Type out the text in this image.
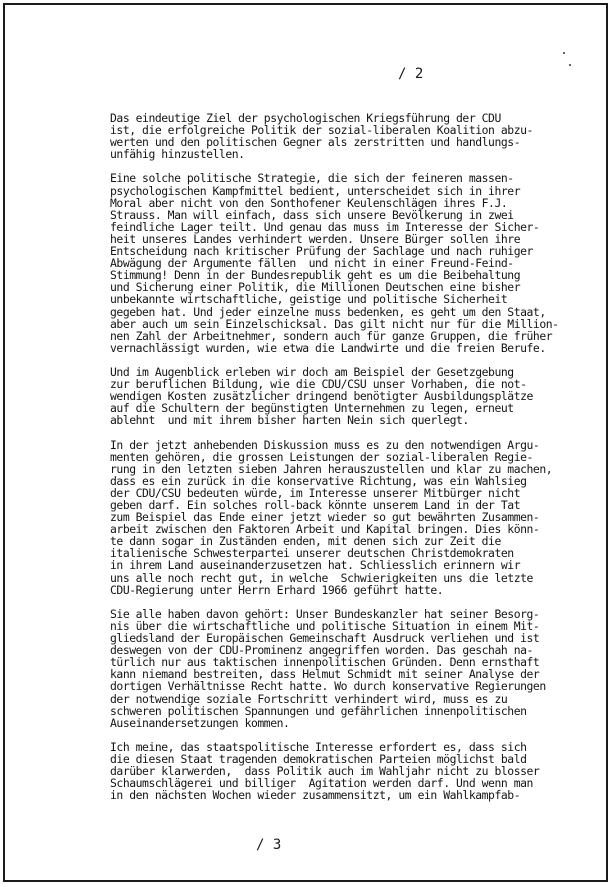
/ 2
Das eindeutige Ziel der psychologischen Kriegsführung der CDU
ist, die erfolgreiche Politik der sozial-liberalen Koalition abzu-
werten und den politischen Gegner als zerstritten und handlungs-
unfähig hinzustellen.
Eine solche politische Strategie, die sich der feineren massen-
psychologischen Kampfmittel bedient, unterscheidet sich in ihrer
Moral aber nicht von den Sonthofener Keulenschlägen ihres F.J.
Strauss. Man will einfach, dass sich unsere Bevölkerung in zwei
feindliche Lager teilt. Und genau das muss im Interesse der Sicher-
heit unseres Landes verhindert werden. Unsere Bürger sollen ihre
Entscheidung nach kritischer Prüfung der Sachlage und nach ruhiger
Abwägung der Argumente fällen  und nicht in einer Freund-Feind-
Stimmung! Denn in der Bundesrepublik geht es um die Beibehaltung
und Sicherung einer Politik, die Millionen Deutschen eine bisher
unbekannte wirtschaftliche, geistige und politische Sicherheit
gegeben hat. Und jeder einzelne muss bedenken, es geht um den Staat,
aber auch um sein Einzelschicksal. Das gilt nicht nur für die Million-
nen Zahl der Arbeitnehmer, sondern auch für ganze Gruppen, die früher
vernachlässigt wurden, wie etwa die Landwirte und die freien Berufe.
Und im Augenblick erleben wir doch am Beispiel der Gesetzgebung
zur beruflichen Bildung, wie die CDU/CSU unser Vorhaben, die not-
wendigen Kosten zusätzlicher dringend benötigter Ausbildungsplätze
auf die Schultern der begünstigten Unternehmen zu legen, erneut
ablehnt  und mit ihrem bisher harten Nein sich querlegt.
In der jetzt anhebenden Diskussion muss es zu den notwendigen Argu-
menten gehören, die grossen Leistungen der sozial-liberalen Regie-
rung in den letzten sieben Jahren herauszustellen und klar zu machen,
dass es ein zurück in die konservative Richtung, was ein Wahlsieg
der CDU/CSU bedeuten würde, im Interesse unserer Mitbürger nicht
geben darf. Ein solches roll-back könnte unserem Land in der Tat
zum Beispiel das Ende einer jetzt wieder so gut bewährten Zusammen-
arbeit zwischen den Faktoren Arbeit und Kapital bringen. Dies könn-
te dann sogar in Zuständen enden, mit denen sich zur Zeit die
italienische Schwesterpartei unserer deutschen Christdemokraten
in ihrem Land auseinanderzusetzen hat. Schliesslich erinnern wir
uns alle noch recht gut, in welche  Schwierigkeiten uns die letzte
CDU-Regierung unter Herrn Erhard 1966 geführt hatte.
Sie alle haben davon gehört: Unser Bundeskanzler hat seiner Besorg-
nis über die wirtschaftliche und politische Situation in einem Mit-
gliedsland der Europäischen Gemeinschaft Ausdruck verliehen und ist
deswegen von der CDU-Prominenz angegriffen worden. Das geschah na-
türlich nur aus taktischen innenpolitischen Gründen. Denn ernsthaft
kann niemand bestreiten, dass Helmut Schmidt mit seiner Analyse der
dortigen Verhältnisse Recht hatte. Wo durch konservative Regierungen
der notwendige soziale Fortschritt verhindert wird, muss es zu
schweren politischen Spannungen und gefährlichen innenpolitischen
Auseinandersetzungen kommen.
Ich meine, das staatspolitische Interesse erfordert es, dass sich
die diesen Staat tragenden demokratischen Parteien möglichst bald
darüber klarwerden,  dass Politik auch im Wahljahr nicht zu blosser
Schaumschlägerei und billiger  Agitation werden darf. Und wenn man
in den nächsten Wochen wieder zusammensitzt, um ein Wahlkampfab-
/ 3
